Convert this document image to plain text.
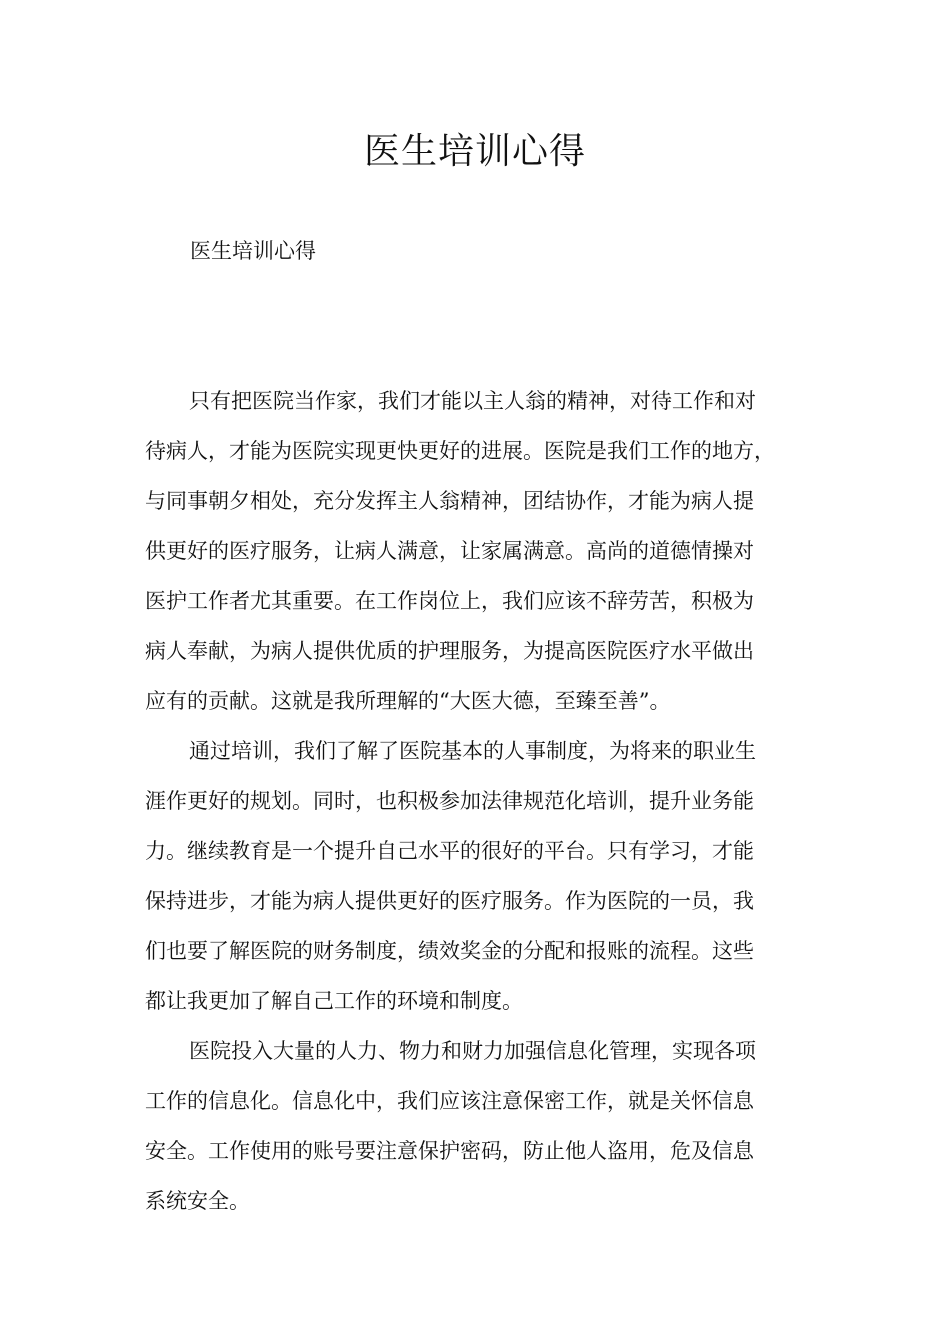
医生培训心得

医生培训心得

只有把医院当作家，我们才能以主人翁的精神，对待工作和对
待病人，才能为医院实现更快更好的进展。医院是我们工作的地方，
与同事朝夕相处，充分发挥主人翁精神，团结协作，才能为病人提
供更好的医疗服务，让病人满意，让家属满意。高尚的道德情操对
医护工作者尤其重要。在工作岗位上，我们应该不辞劳苦，积极为
病人奉献，为病人提供优质的护理服务，为提高医院医疗水平做出
应有的贡献。这就是我所理解的“大医大德，至臻至善”。
通过培训，我们了解了医院基本的人事制度，为将来的职业生
涯作更好的规划。同时，也积极参加法律规范化培训，提升业务能
力。继续教育是一个提升自己水平的很好的平台。只有学习，才能
保持进步，才能为病人提供更好的医疗服务。作为医院的一员，我
们也要了解医院的财务制度，绩效奖金的分配和报账的流程。这些
都让我更加了解自己工作的环境和制度。
医院投入大量的人力、物力和财力加强信息化管理，实现各项
工作的信息化。信息化中，我们应该注意保密工作，就是关怀信息
安全。工作使用的账号要注意保护密码，防止他人盗用，危及信息
系统安全。
